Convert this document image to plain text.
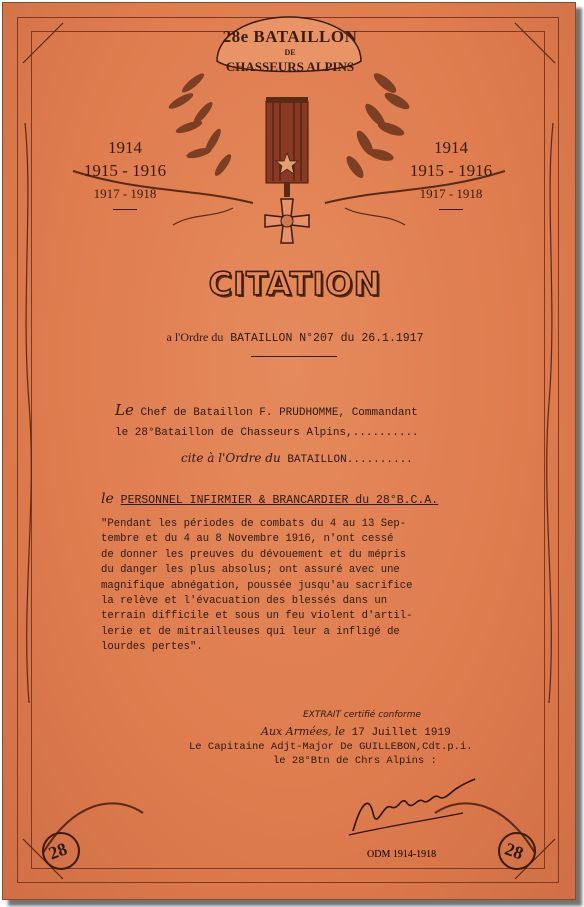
28e BATAILLON
DE
CHASSEURS ALPINS
1914
1915 - 1916
1917 - 1918
1914
1915 - 1916
1917 - 1918
CITATION
a l'Ordre du BATAILLON N°207 du 26.1.1917
Le Chef de Bataillon F. PRUDHOMME, Commandant
le 28°Bataillon de Chasseurs Alpins,..........
cite à l'Ordre du BATAILLON..........
le PERSONNEL INFIRMIER & BRANCARDIER du 28°B.C.A.
"Pendant les périodes de combats du 4 au 13 Sep-
tembre et du 4 au 8 Novembre 1916, n'ont cessé
de donner les preuves du dévouement et du mépris
du danger les plus absolus; ont assuré avec une
magnifique abnégation, poussée jusqu'au sacrifice
la relève et l'évacuation des blessés dans un
terrain difficile et sous un feu violent d'artil-
lerie et de mitrailleuses qui leur a infligé de
lourdes pertes".
EXTRAIT certifié conforme
Aux Armées, le 17 Juillet 1919
Le Capitaine Adjt-Major De GUILLEBON,Cdt.p.i.
le 28°Btn de Chrs Alpins :
28	28
ODM 1914-1918
